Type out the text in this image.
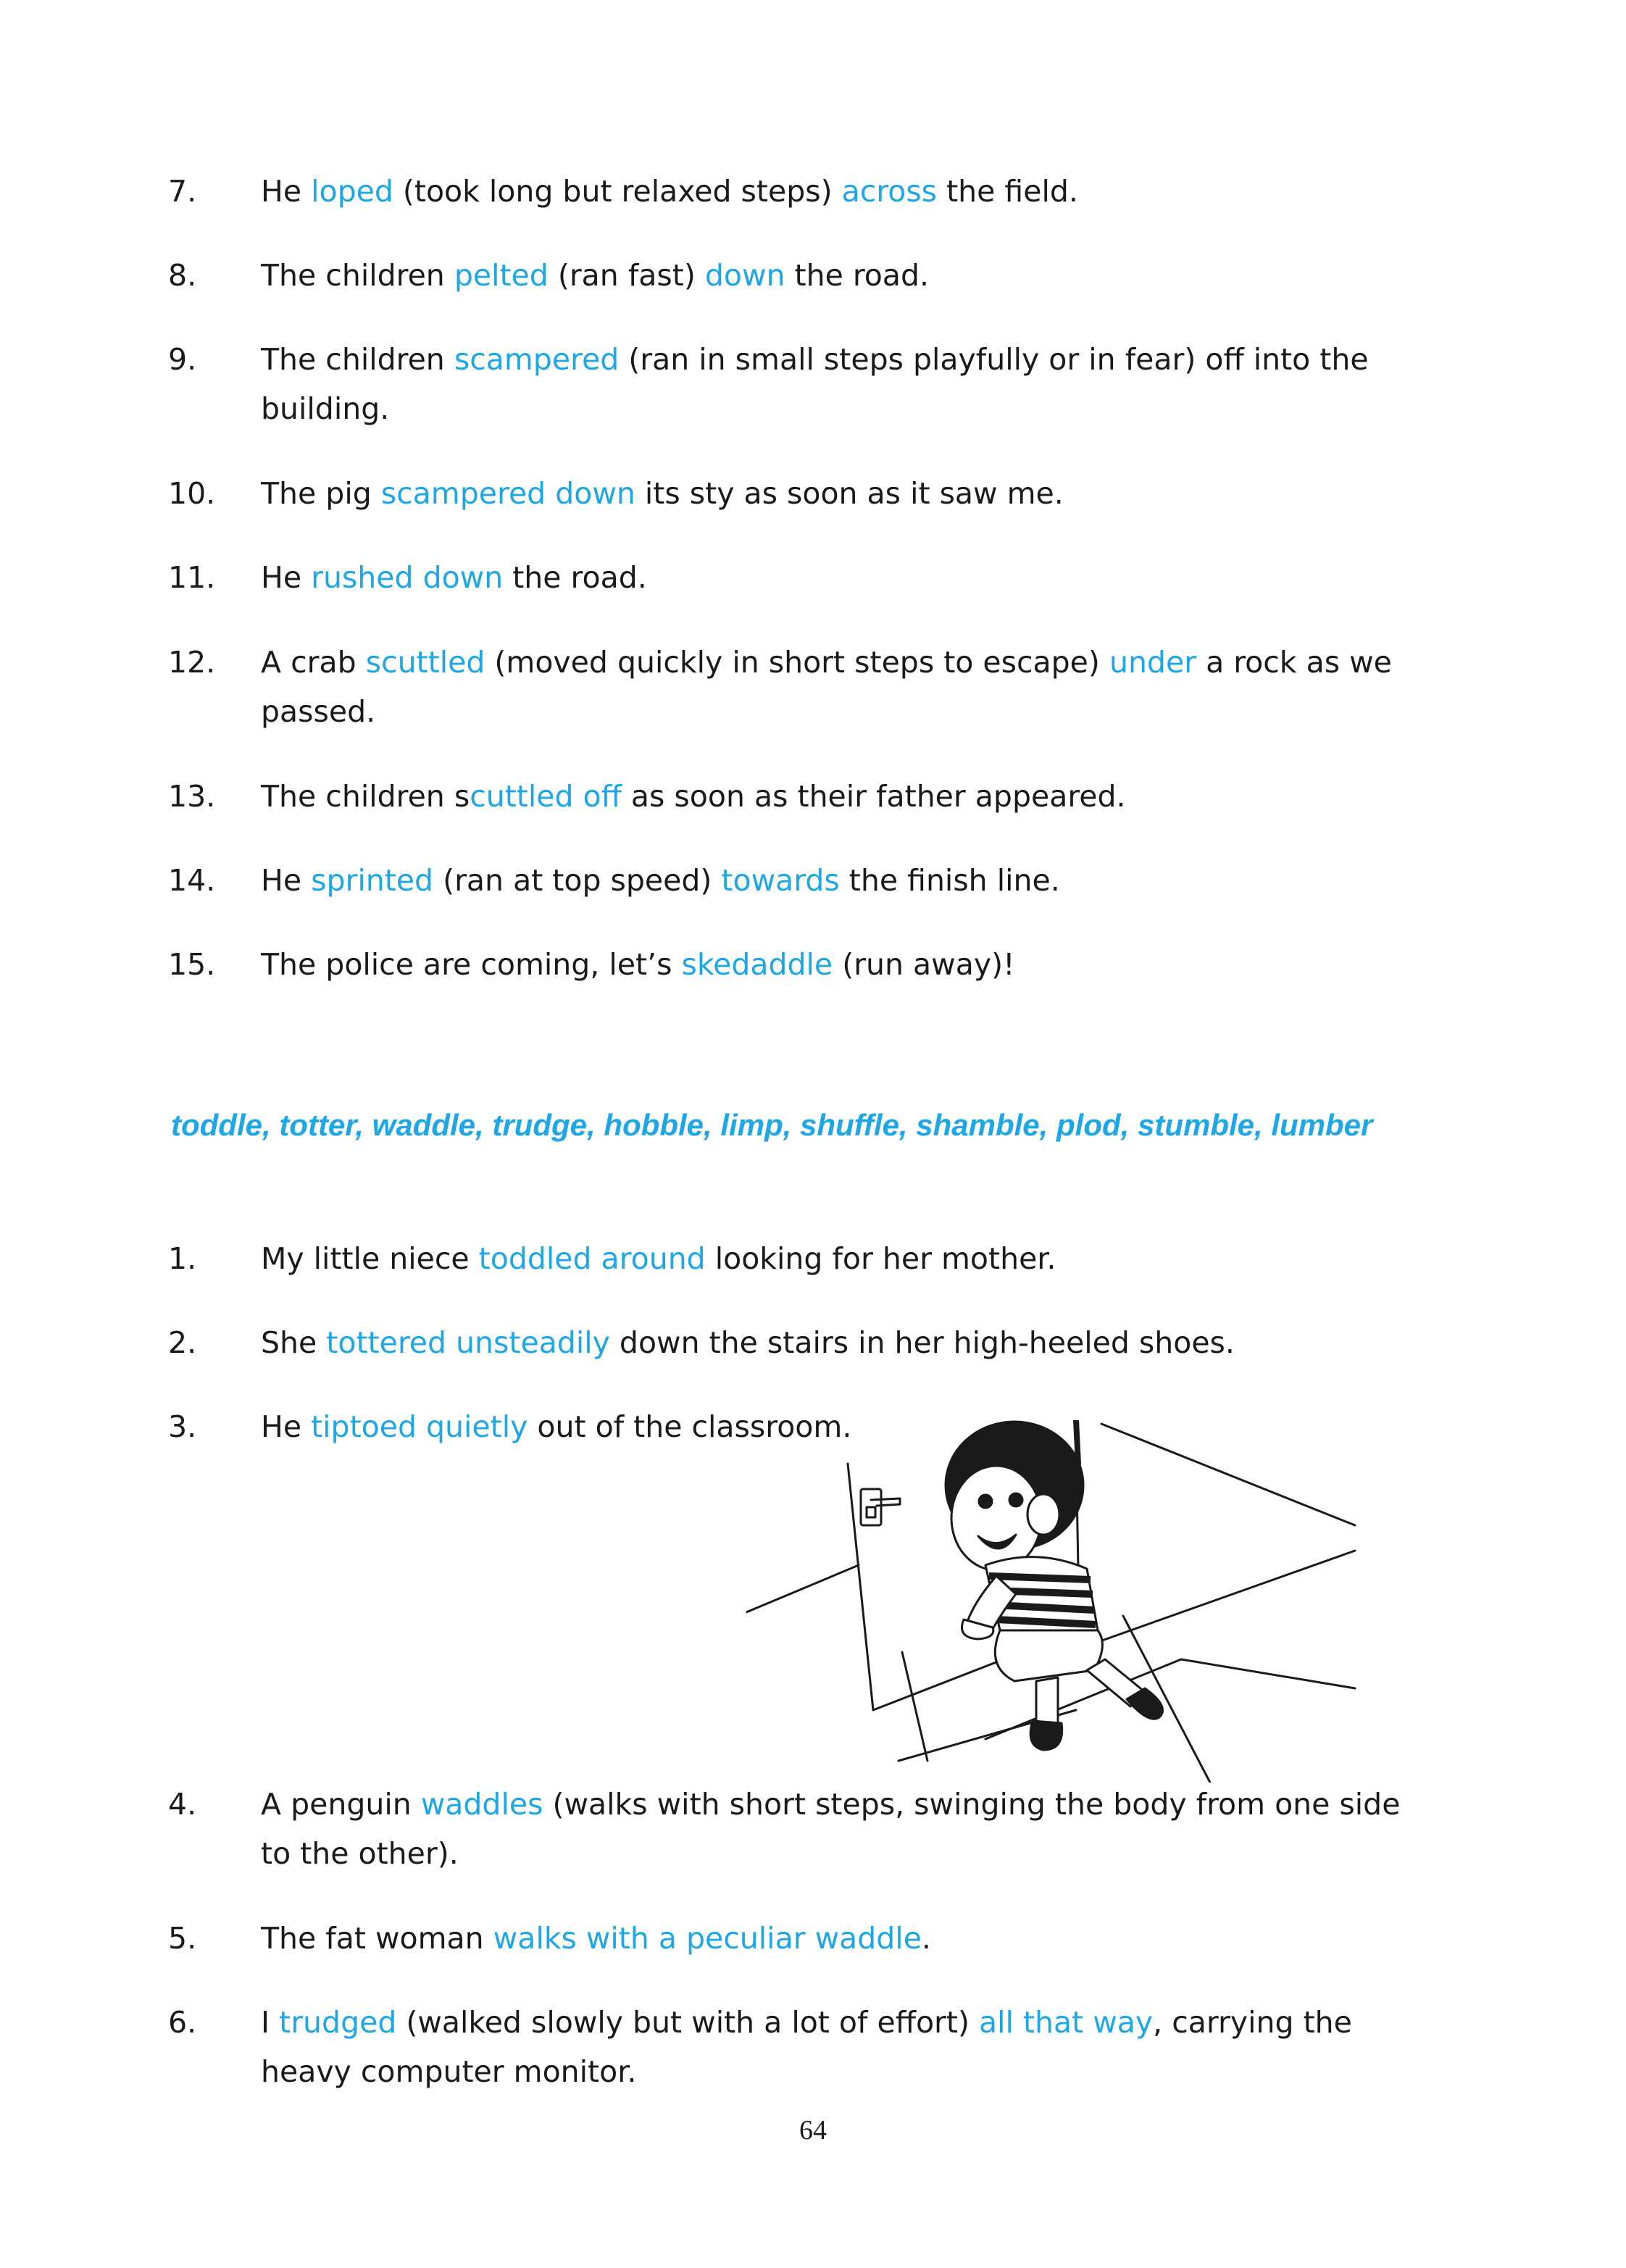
7. He loped (took long but relaxed steps) across the field.
8. The children pelted (ran fast) down the road.
9. The children scampered (ran in small steps playfully or in fear) off into the building.
10. The pig scampered down its sty as soon as it saw me.
11. He rushed down the road.
12. A crab scuttled (moved quickly in short steps to escape) under a rock as we passed.
13. The children scuttled off as soon as their father appeared.
14. He sprinted (ran at top speed) towards the finish line.
15. The police are coming, let’s skedaddle (run away)!
toddle, totter, waddle, trudge, hobble, limp, shuffle, shamble, plod, stumble, lumber
1. My little niece toddled around looking for her mother.
2. She tottered unsteadily down the stairs in her high-heeled shoes.
3. He tiptoed quietly out of the classroom.
4. A penguin waddles (walks with short steps, swinging the body from one side to the other).
5. The fat woman walks with a peculiar waddle.
6. I trudged (walked slowly but with a lot of effort) all that way, carrying the heavy computer monitor.
64
